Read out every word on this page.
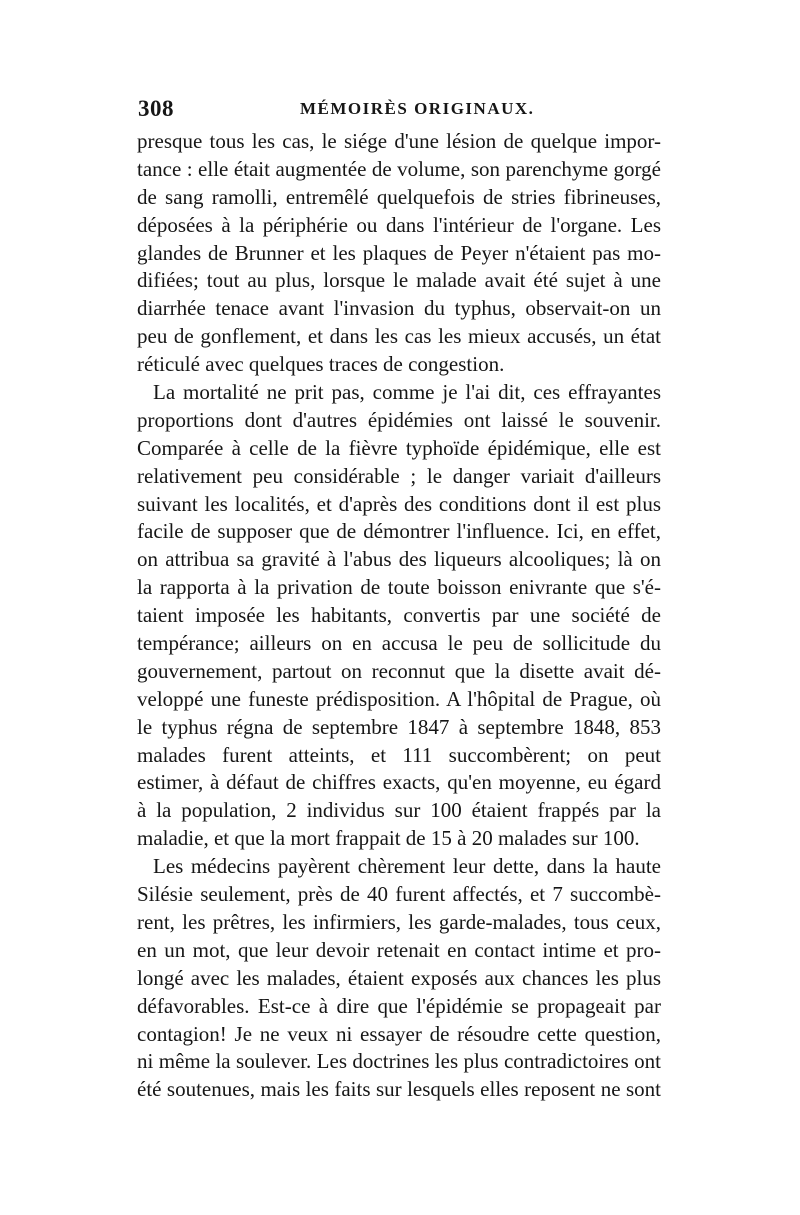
308	MÉMOIRÈS ORIGINAUX.
presque tous les cas, le siége d'une lésion de quelque impor-
tance : elle était augmentée de volume, son parenchyme gorgé
de sang ramolli, entremêlé quelquefois de stries fibrineuses,
déposées à la périphérie ou dans l'intérieur de l'organe. Les
glandes de Brunner et les plaques de Peyer n'étaient pas mo-
difiées; tout au plus, lorsque le malade avait été sujet à une
diarrhée tenace avant l'invasion du typhus, observait-on un
peu de gonflement, et dans les cas les mieux accusés, un état
réticulé avec quelques traces de congestion.
La mortalité ne prit pas, comme je l'ai dit, ces effrayantes
proportions dont d'autres épidémies ont laissé le souvenir.
Comparée à celle de la fièvre typhoïde épidémique, elle est
relativement peu considérable ; le danger variait d'ailleurs
suivant les localités, et d'après des conditions dont il est plus
facile de supposer que de démontrer l'influence. Ici, en effet,
on attribua sa gravité à l'abus des liqueurs alcooliques; là on
la rapporta à la privation de toute boisson enivrante que s'é-
taient imposée les habitants, convertis par une société de
tempérance; ailleurs on en accusa le peu de sollicitude du
gouvernement, partout on reconnut que la disette avait dé-
veloppé une funeste prédisposition. A l'hôpital de Prague, où
le typhus régna de septembre 1847 à septembre 1848, 853
malades furent atteints, et 111 succombèrent; on peut
estimer, à défaut de chiffres exacts, qu'en moyenne, eu égard
à la population, 2 individus sur 100 étaient frappés par la
maladie, et que la mort frappait de 15 à 20 malades sur 100.
Les médecins payèrent chèrement leur dette, dans la haute
Silésie seulement, près de 40 furent affectés, et 7 succombè-
rent, les prêtres, les infirmiers, les garde-malades, tous ceux,
en un mot, que leur devoir retenait en contact intime et pro-
longé avec les malades, étaient exposés aux chances les plus
défavorables. Est-ce à dire que l'épidémie se propageait par
contagion! Je ne veux ni essayer de résoudre cette question,
ni même la soulever. Les doctrines les plus contradictoires ont
été soutenues, mais les faits sur lesquels elles reposent ne sont
